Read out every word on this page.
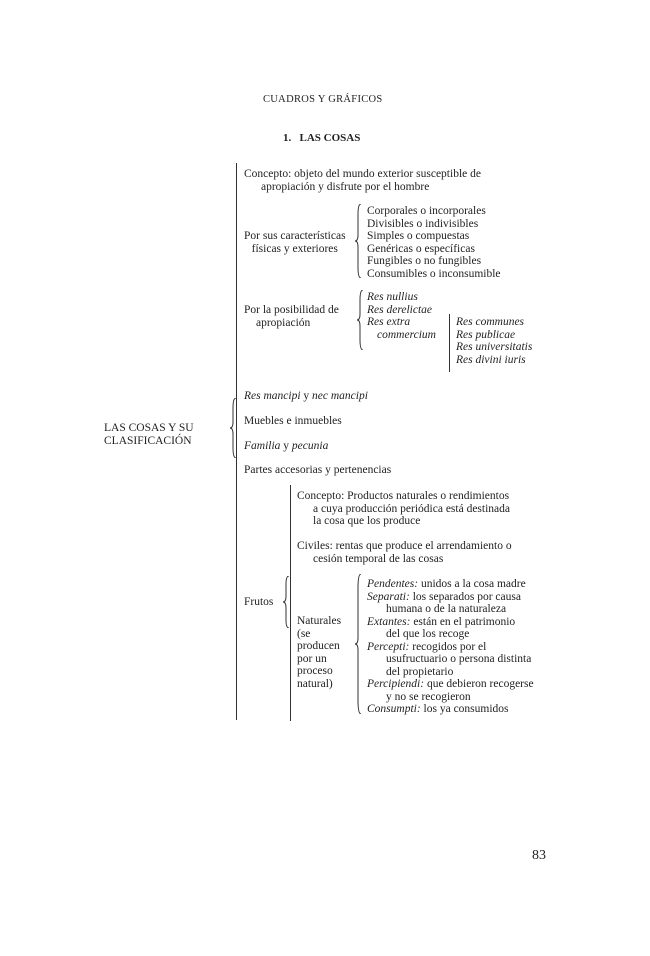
CUADROS Y GRÁFICOS
1. LAS COSAS
LAS COSAS Y SU
CLASIFICACIÓN
Concepto: objeto del mundo exterior susceptible de
apropiación y disfrute por el hombre
Por sus características
físicas y exteriores
Corporales o incorporales
Divisibles o indivisibles
Simples o compuestas
Genéricas o específicas
Fungibles o no fungibles
Consumibles o inconsumible
Por la posibilidad de
apropiación
Res nullius
Res derelictae
Res extra
commercium
Res communes
Res publicae
Res universitatis
Res divini iuris
Res mancipi y nec mancipi
Muebles e inmuebles
Familia y pecunia
Partes accesorias y pertenencias
Frutos
Concepto: Productos naturales o rendimientos
a cuya producción periódica está destinada
la cosa que los produce
Civiles: rentas que produce el arrendamiento o
cesión temporal de las cosas
Naturales
(se
producen
por un
proceso
natural)
Pendentes: unidos a la cosa madre
Separati: los separados por causa
humana o de la naturaleza
Extantes: están en el patrimonio
del que los recoge
Percepti: recogidos por el
usufructuario o persona distinta
del propietario
Percipiendi: que debieron recogerse
y no se recogieron
Consumpti: los ya consumidos
83
